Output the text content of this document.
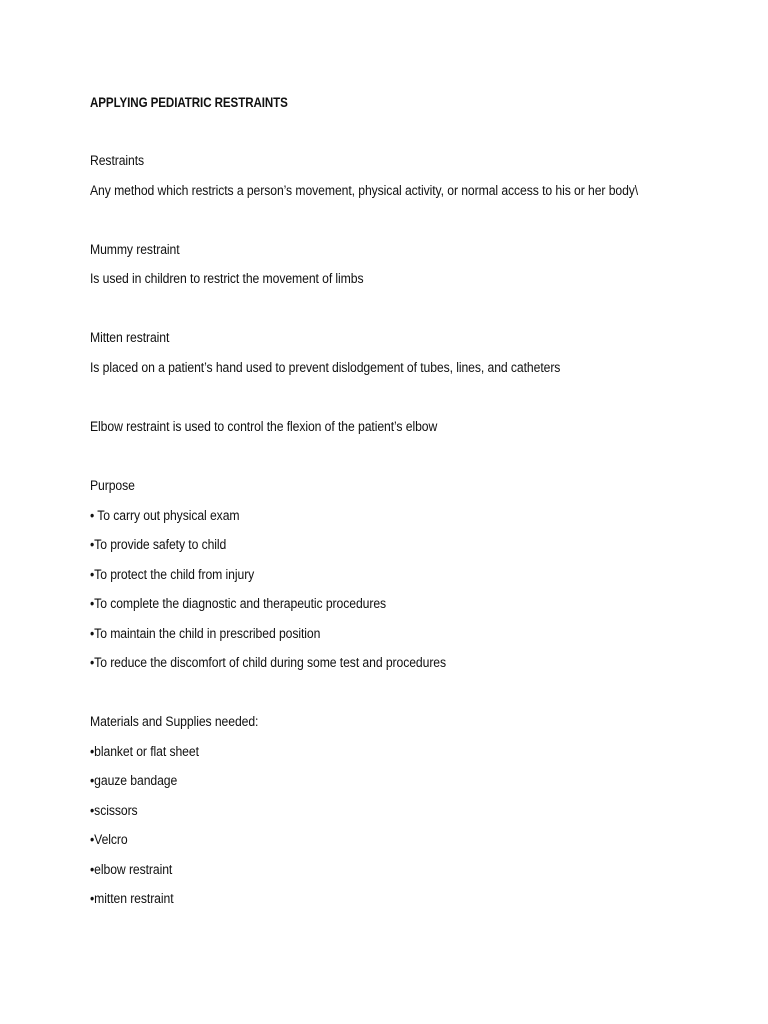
APPLYING PEDIATRIC RESTRAINTS
Restraints
Any method which restricts a person’s movement, physical activity, or normal access to his or her body\
Mummy restraint
Is used in children to restrict the movement of limbs
Mitten restraint
Is placed on a patient’s hand used to prevent dislodgement of tubes, lines, and catheters
Elbow restraint is used to control the flexion of the patient’s elbow
Purpose
• To carry out physical exam
•To provide safety to child
•To protect the child from injury
•To complete the diagnostic and therapeutic procedures
•To maintain the child in prescribed position
•To reduce the discomfort of child during some test and procedures
Materials and Supplies needed:
•blanket or flat sheet
•gauze bandage
•scissors
•Velcro
•elbow restraint
•mitten restraint
